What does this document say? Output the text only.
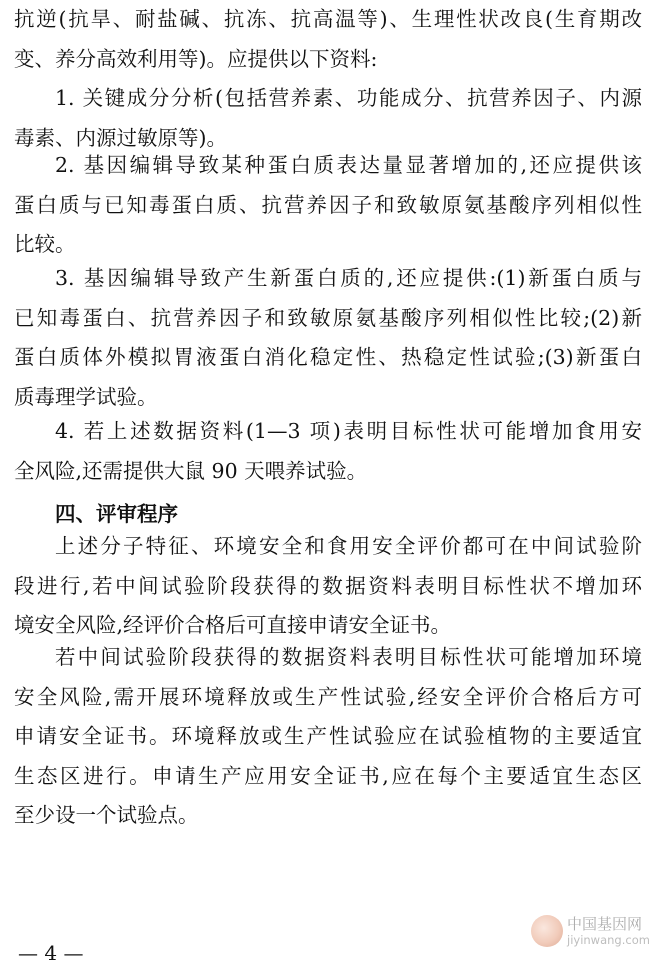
抗逆(抗旱、耐盐碱、抗冻、抗高温等)、生理性状改良(生育期改
变、养分高效利用等)。应提供以下资料:

1. 关键成分分析(包括营养素、功能成分、抗营养因子、内源
毒素、内源过敏原等)。

2. 基因编辑导致某种蛋白质表达量显著增加的,还应提供该
蛋白质与已知毒蛋白质、抗营养因子和致敏原氨基酸序列相似性
比较。

3. 基因编辑导致产生新蛋白质的,还应提供:(1)新蛋白质与
已知毒蛋白、抗营养因子和致敏原氨基酸序列相似性比较;(2)新
蛋白质体外模拟胃液蛋白消化稳定性、热稳定性试验;(3)新蛋白
质毒理学试验。

4. 若上述数据资料(1—3 项)表明目标性状可能增加食用安
全风险,还需提供大鼠 90 天喂养试验。

四、评审程序

上述分子特征、环境安全和食用安全评价都可在中间试验阶
段进行,若中间试验阶段获得的数据资料表明目标性状不增加环
境安全风险,经评价合格后可直接申请安全证书。

若中间试验阶段获得的数据资料表明目标性状可能增加环境
安全风险,需开展环境释放或生产性试验,经安全评价合格后方可
申请安全证书。环境释放或生产性试验应在试验植物的主要适宜
生态区进行。申请生产应用安全证书,应在每个主要适宜生态区
至少设一个试验点。

中国基因网
jiyinwang.com
— 4 —
